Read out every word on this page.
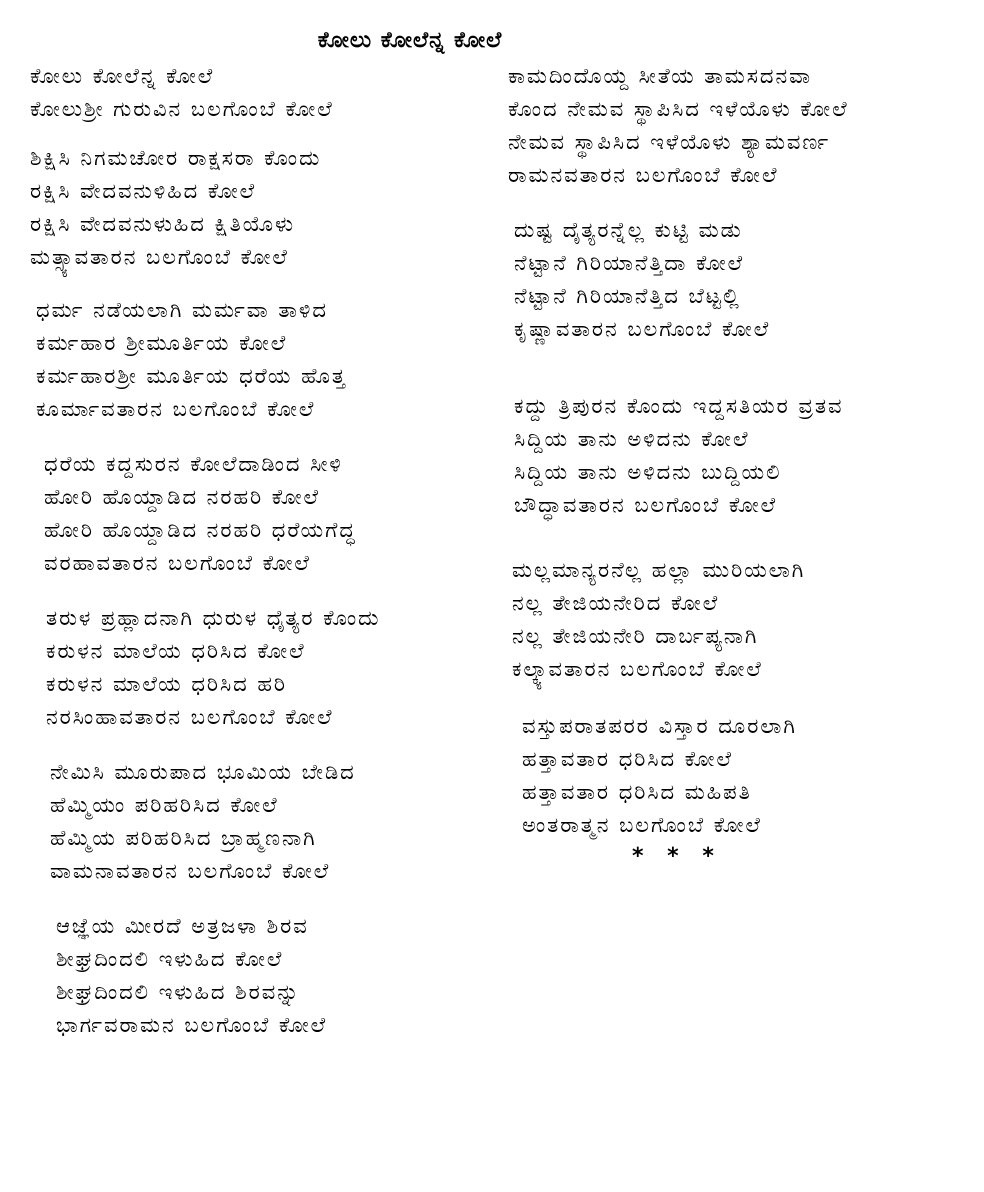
ಕೋಲು ಕೋಲೆನ್ನ ಕೋಲೆ
ಕೋಲು ಕೋಲೆನ್ನ ಕೋಲೆ
ಕೋಲುಶ್ರೀ ಗುರುವಿನ ಬಲಗೊಂಬೆ ಕೋಲೆ
ಶಿಕ್ಷಿಸಿ ನಿಗಮಚೋರ ರಾಕ್ಷಸರಾ ಕೊಂದು
ರಕ್ಷಿಸಿ ವೇದವನುಳಿಹಿದ ಕೋಲೆ
ರಕ್ಷಿಸಿ ವೇದವನುಳುಹಿದ ಕ್ಷಿತಿಯೊಳು
ಮತ್ಸ್ಯಾವತಾರನ ಬಲಗೊಂಬೆ ಕೋಲೆ
ಧರ್ಮ ನಡೆಯಲಾಗಿ ಮರ್ಮವಾ ತಾಳಿದ
ಕರ್ಮಹಾರ ಶ್ರೀಮೂರ್ತಿಯ ಕೋಲೆ
ಕರ್ಮಹಾರಶ್ರೀ ಮೂರ್ತಿಯ ಧರೆಯ ಹೊತ್ತ
ಕೂರ್ಮಾವತಾರನ ಬಲಗೊಂಬೆ ಕೋಲೆ
ಧರೆಯ ಕದ್ದಸುರನ ಕೋಲೆದಾಡಿಂದ ಸೀಳಿ
ಹೋರಿ ಹೊಯ್ದಾಡಿದ ನರಹರಿ ಕೋಲೆ
ಹೋರಿ ಹೊಯ್ದಾಡಿದ ನರಹರಿ ಧರೆಯಗೆದ್ಧ
ವರಹಾವತಾರನ ಬಲಗೊಂಬೆ ಕೋಲೆ
ತರುಳ ಪ್ರಹ್ಲಾದನಾಗಿ ಧುರುಳ ಧೈತ್ಯರ ಕೊಂದು
ಕರುಳನ ಮಾಲೆಯ ಧರಿಸಿದ ಕೋಲೆ
ಕರುಳನ ಮಾಲೆಯ ಧರಿಸಿದ ಹರಿ
ನರಸಿಂಹಾವತಾರನ ಬಲಗೊಂಬೆ ಕೋಲೆ
ನೇಮಿಸಿ ಮೂರುಪಾದ ಭೂಮಿಯ ಬೇಡಿದ
ಹೆಮ್ಮಿಯಂ ಪರಿಹರಿಸಿದ ಕೋಲೆ
ಹೆಮ್ಮಿಯ ಪರಿಹರಿಸಿದ ಬ್ರಾಹ್ಮಣನಾಗಿ
ವಾಮನಾವತಾರನ ಬಲಗೊಂಬೆ ಕೋಲೆ
ಆಜ್ಞೆಯ ಮೀರದೆ ಅತ್ರಜಳಾ ಶಿರವ
ಶೀಘ್ರದಿಂದಲಿ ಇಳುಹಿದ ಕೋಲೆ
ಶೀಘ್ರದಿಂದಲಿ ಇಳುಹಿದ ಶಿರವನ್ನು
ಭಾರ್ಗವರಾಮನ ಬಲಗೊಂಬೆ ಕೋಲೆ
ಕಾಮದಿಂದೊಯ್ದ ಸೀತೆಯ ತಾಮಸದನವಾ
ಕೊಂದ ನೇಮವ ಸ್ಥಾಪಿಸಿದ ಇಳೆಯೊಳು ಕೋಲೆ
ನೇಮವ ಸ್ಥಾಪಿಸಿದ ಇಳೆಯೊಳು ಶ್ಯಾಮವರ್ಣ
ರಾಮನವತಾರನ ಬಲಗೊಂಬೆ ಕೋಲೆ
ದುಷ್ಟ ದೈತ್ಯರನ್ನೆಲ್ಲ ಕುಟ್ಟಿ ಮಡು
ನೆಟ್ಟಾನೆ ಗಿರಿಯಾನೆತ್ತಿದಾ ಕೋಲೆ
ನೆಟ್ಟಾನೆ ಗಿರಿಯಾನೆತ್ತಿದ ಬೆಟ್ಟಲ್ಲಿ
ಕೃಷ್ಣಾವತಾರನ ಬಲಗೊಂಬೆ ಕೋಲೆ
ಕದ್ದು ತ್ರಿಪುರನ ಕೊಂದು ಇದ್ದಸತಿಯರ ವ್ರತವ
ಸಿದ್ದಿಯ ತಾನು ಅಳಿದನು ಕೋಲೆ
ಸಿದ್ದಿಯ ತಾನು ಅಳಿದನು ಬುದ್ದಿಯಲಿ
ಬೌದ್ಧಾವತಾರನ ಬಲಗೊಂಬೆ ಕೋಲೆ
ಮಲ್ಲಮಾನ್ಯರನೆಲ್ಲ ಹಲ್ಲಾ ಮುರಿಯಲಾಗಿ
ನಲ್ಲ ತೇಜಿಯನೇರಿದ ಕೋಲೆ
ನಲ್ಲ ತೇಜಿಯನೇರಿ ದಾರ್ಬಪ್ಯನಾಗಿ
ಕಲ್ಕ್ಯಾವತಾರನ ಬಲಗೊಂಬೆ ಕೋಲೆ
ವಸ್ತುಪರಾತಪರರ ವಿಸ್ತಾರ ದೂರಲಾಗಿ
ಹತ್ತಾವತಾರ ಧರಿಸಿದ ಕೋಲೆ
ಹತ್ತಾವತಾರ ಧರಿಸಿದ ಮಹಿಪತಿ
ಅಂತರಾತ್ಮನ ಬಲಗೊಂಬೆ ಕೋಲೆ
* * *
